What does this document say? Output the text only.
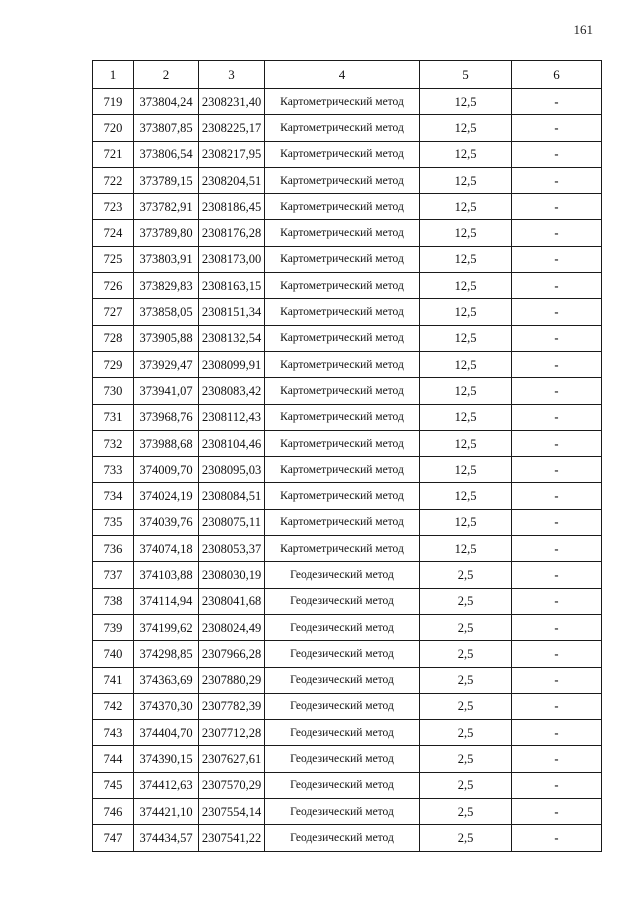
161
1	2	3	4	5	6
719	373804,24	2308231,40	Картометрический метод	12,5	-
720	373807,85	2308225,17	Картометрический метод	12,5	-
721	373806,54	2308217,95	Картометрический метод	12,5	-
722	373789,15	2308204,51	Картометрический метод	12,5	-
723	373782,91	2308186,45	Картометрический метод	12,5	-
724	373789,80	2308176,28	Картометрический метод	12,5	-
725	373803,91	2308173,00	Картометрический метод	12,5	-
726	373829,83	2308163,15	Картометрический метод	12,5	-
727	373858,05	2308151,34	Картометрический метод	12,5	-
728	373905,88	2308132,54	Картометрический метод	12,5	-
729	373929,47	2308099,91	Картометрический метод	12,5	-
730	373941,07	2308083,42	Картометрический метод	12,5	-
731	373968,76	2308112,43	Картометрический метод	12,5	-
732	373988,68	2308104,46	Картометрический метод	12,5	-
733	374009,70	2308095,03	Картометрический метод	12,5	-
734	374024,19	2308084,51	Картометрический метод	12,5	-
735	374039,76	2308075,11	Картометрический метод	12,5	-
736	374074,18	2308053,37	Картометрический метод	12,5	-
737	374103,88	2308030,19	Геодезический метод	2,5	-
738	374114,94	2308041,68	Геодезический метод	2,5	-
739	374199,62	2308024,49	Геодезический метод	2,5	-
740	374298,85	2307966,28	Геодезический метод	2,5	-
741	374363,69	2307880,29	Геодезический метод	2,5	-
742	374370,30	2307782,39	Геодезический метод	2,5	-
743	374404,70	2307712,28	Геодезический метод	2,5	-
744	374390,15	2307627,61	Геодезический метод	2,5	-
745	374412,63	2307570,29	Геодезический метод	2,5	-
746	374421,10	2307554,14	Геодезический метод	2,5	-
747	374434,57	2307541,22	Геодезический метод	2,5	-
